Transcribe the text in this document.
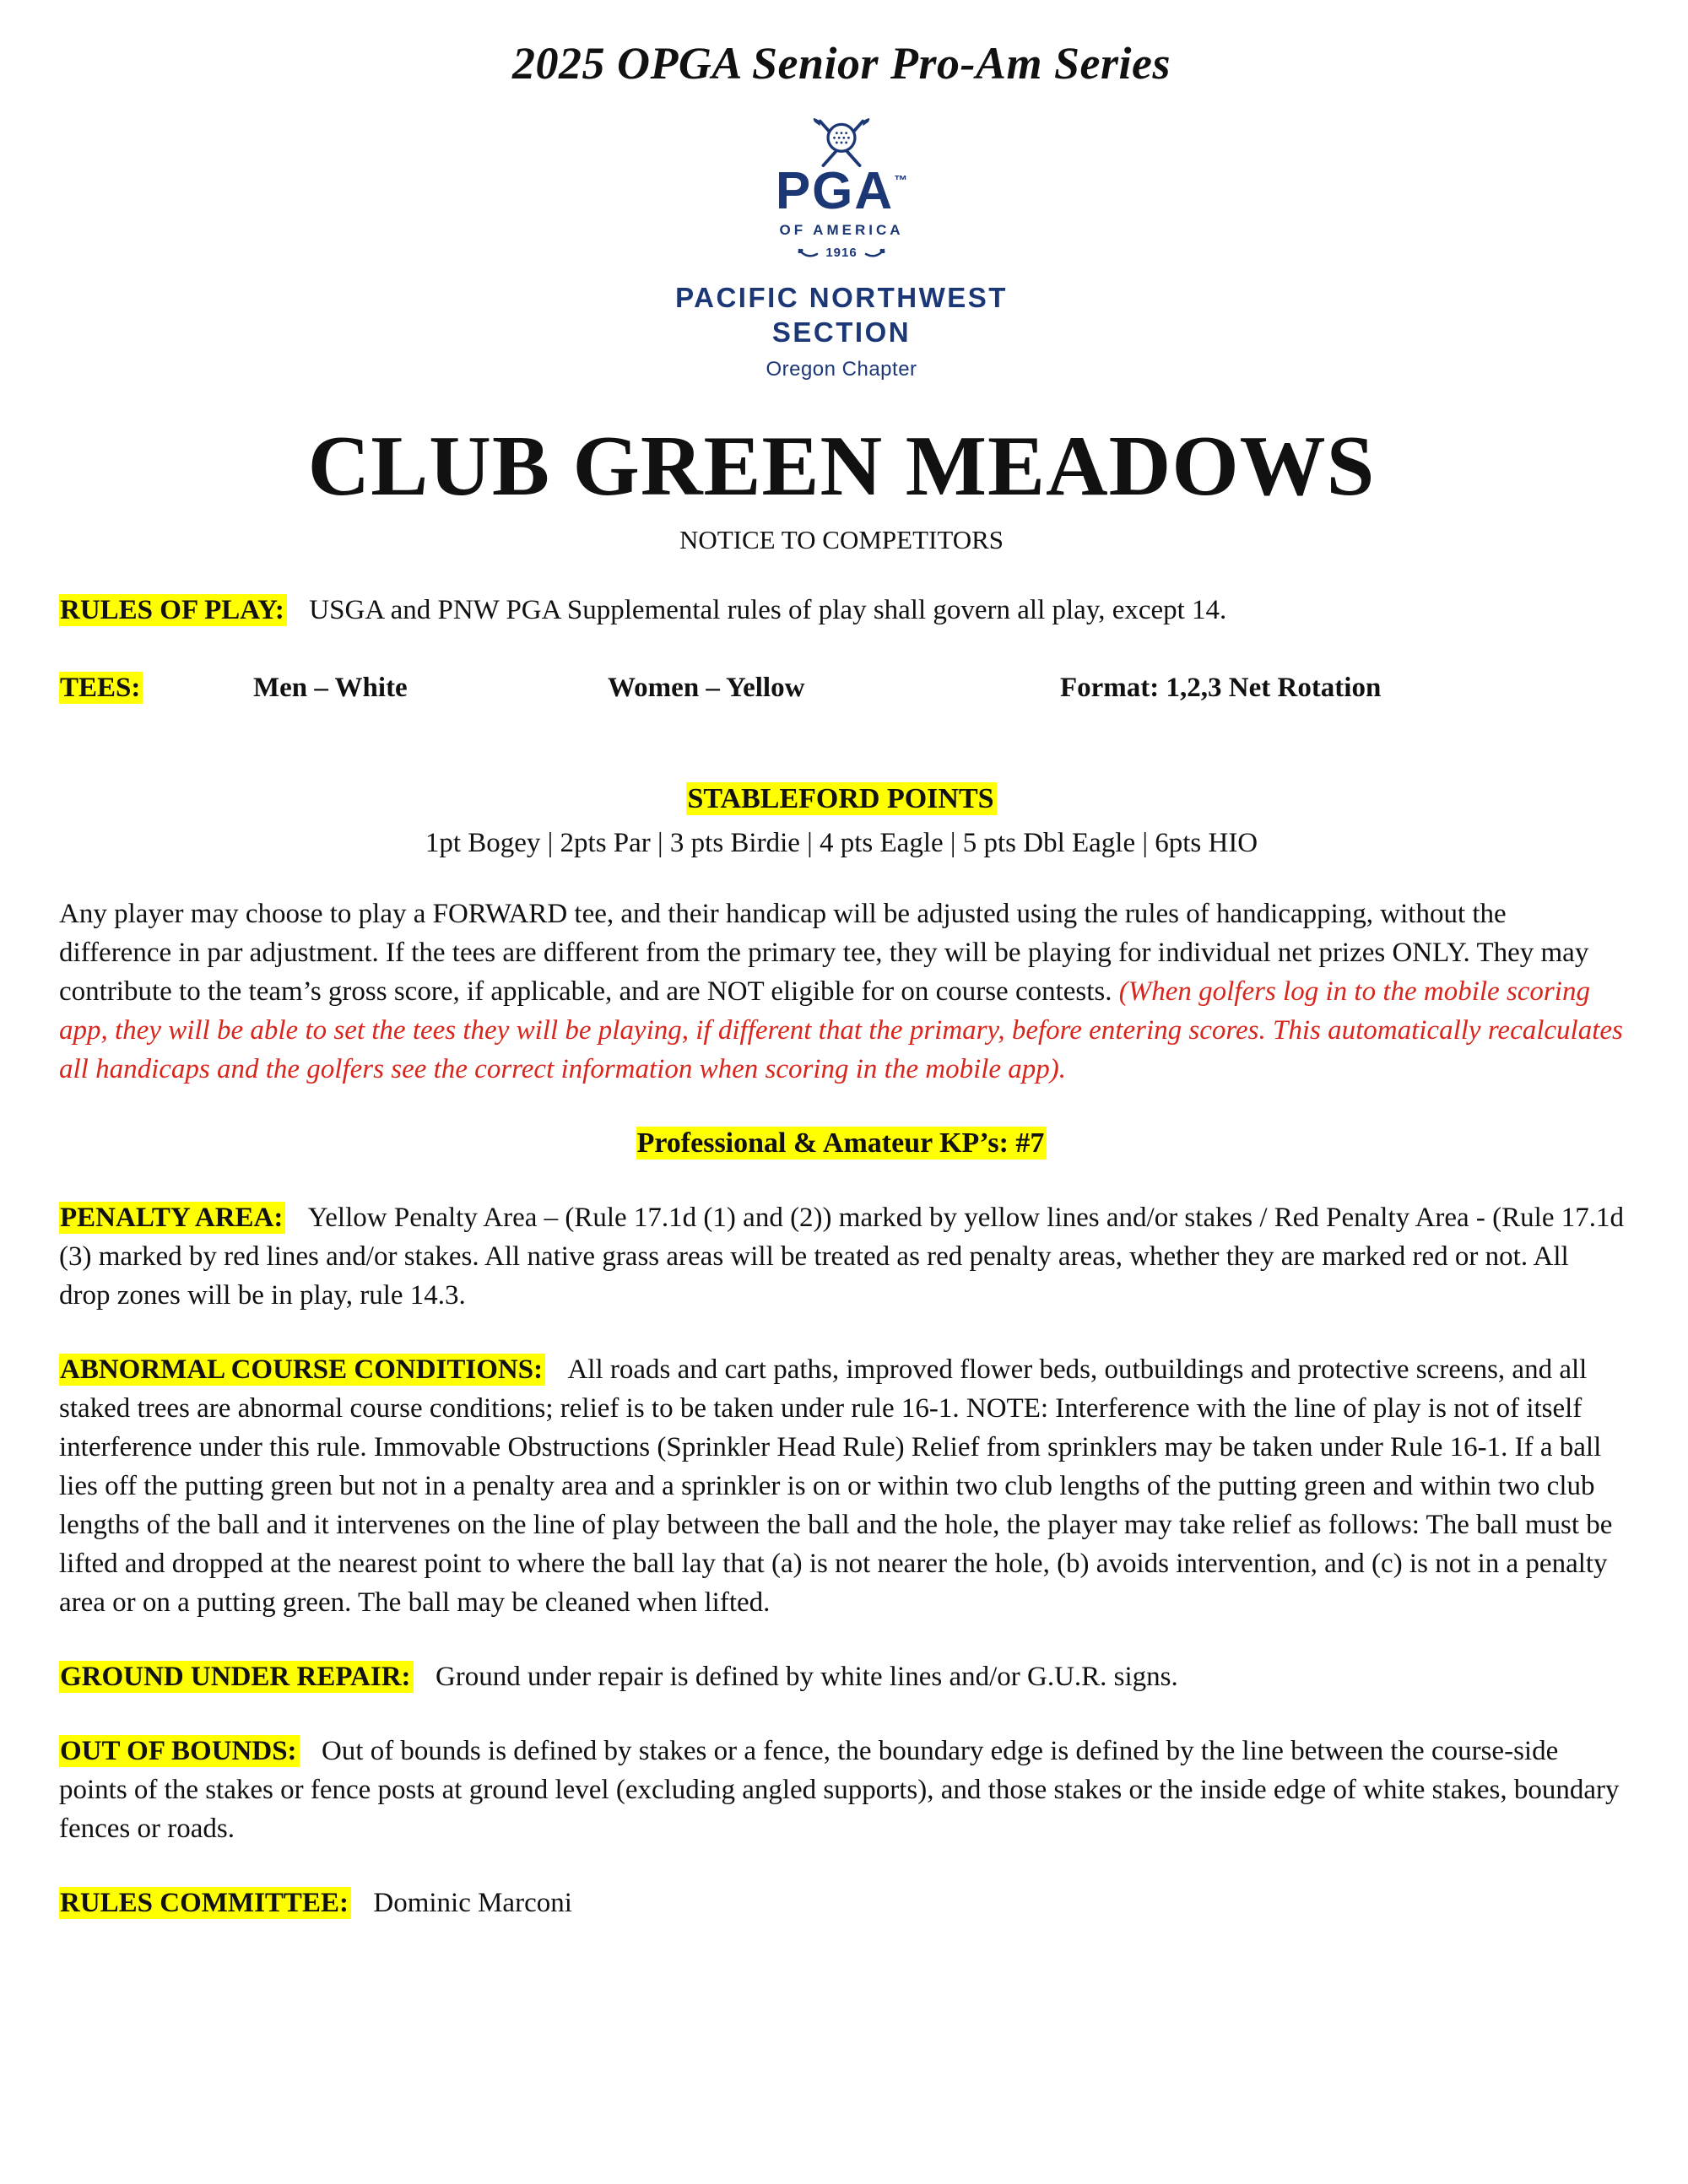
2025 OPGA Senior Pro-Am Series
PGA™
OF AMERICA
1916
PACIFIC NORTHWEST
SECTION
Oregon Chapter
CLUB GREEN MEADOWS
NOTICE TO COMPETITORS

RULES OF PLAY: USGA and PNW PGA Supplemental rules of play shall govern all play, except 14.

TEES:	Men – White	Women – Yellow	Format: 1,2,3 Net Rotation
STABLEFORD POINTS
1pt Bogey | 2pts Par | 3 pts Birdie | 4 pts Eagle | 5 pts Dbl Eagle | 6pts HIO

Any player may choose to play a FORWARD tee, and their handicap will be adjusted using the rules of handicapping, without the difference in par adjustment. If the tees are different from the primary tee, they will be playing for individual net prizes ONLY. They may contribute to the team’s gross score, if applicable, and are NOT eligible for on course contests. (When golfers log in to the mobile scoring app, they will be able to set the tees they will be playing, if different that the primary, before entering scores. This automatically recalculates all handicaps and the golfers see the correct information when scoring in the mobile app).

Professional & Amateur KP’s: #7

PENALTY AREA: Yellow Penalty Area – (Rule 17.1d (1) and (2)) marked by yellow lines and/or stakes / Red Penalty Area - (Rule 17.1d (3) marked by red lines and/or stakes. All native grass areas will be treated as red penalty areas, whether they are marked red or not. All drop zones will be in play, rule 14.3.

ABNORMAL COURSE CONDITIONS: All roads and cart paths, improved flower beds, outbuildings and protective screens, and all staked trees are abnormal course conditions; relief is to be taken under rule 16-1. NOTE: Interference with the line of play is not of itself interference under this rule. Immovable Obstructions (Sprinkler Head Rule) Relief from sprinklers may be taken under Rule 16-1. If a ball lies off the putting green but not in a penalty area and a sprinkler is on or within two club lengths of the putting green and within two club lengths of the ball and it intervenes on the line of play between the ball and the hole, the player may take relief as follows: The ball must be lifted and dropped at the nearest point to where the ball lay that (a) is not nearer the hole, (b) avoids intervention, and (c) is not in a penalty area or on a putting green. The ball may be cleaned when lifted.

GROUND UNDER REPAIR: Ground under repair is defined by white lines and/or G.U.R. signs.

OUT OF BOUNDS: Out of bounds is defined by stakes or a fence, the boundary edge is defined by the line between the course-side points of the stakes or fence posts at ground level (excluding angled supports), and those stakes or the inside edge of white stakes, boundary fences or roads.

RULES COMMITTEE: Dominic Marconi
